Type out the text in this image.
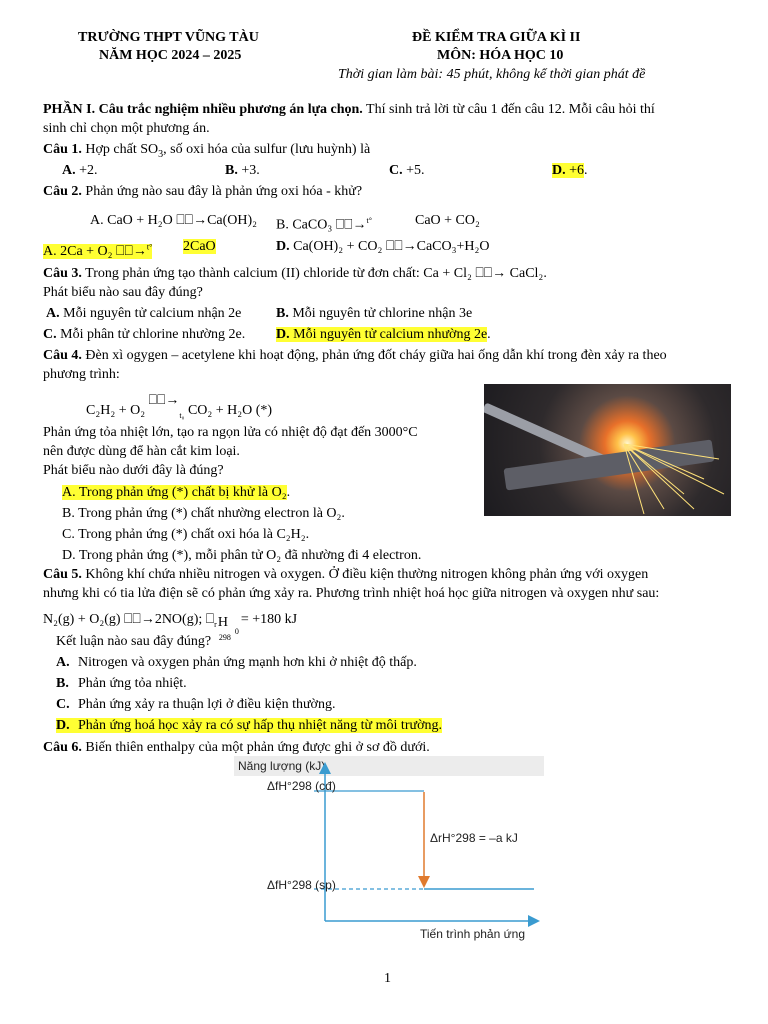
TRƯỜNG THPT VŨNG TÀU
NĂM HỌC 2024 – 2025
ĐỀ KIỂM TRA GIỮA KÌ II
MÔN: HÓA HỌC 10
Thời gian làm bài: 45 phút, không kể thời gian phát đề
PHẦN I. Câu trắc nghiệm nhiều phương án lựa chọn. Thí sinh trả lời từ câu 1 đến câu 12. Mỗi câu hỏi thí
sinh chỉ chọn một phương án.
Câu 1. Hợp chất $SO_3$, số oxi hóa của sulfur (lưu huỳnh) là
A. +2.	B. +3.	C. +5.	D. +6.
Câu 2. Phản ứng nào sau đây là phản ứng oxi hóa - khử?
A. CaO + H₂O ⎕⎕→Ca(OH)₂ B. CaCO₃ ⎕⎕→$^{t^\circ}$	CaO + CO₂
A. 2Ca + O₂ ⎕⎕→$^{t^\circ}$ 2CaO	D. Ca(OH)₂ + CO₂ ⎕⎕→CaCO₃+H₂O
Câu 3. Trong phản ứng tạo thành calcium (II) chloride từ đơn chất: Ca + Cl₂ ⎕⎕→ CaCl₂.
Phát biểu nào sau đây đúng?
A. Mỗi nguyên tử calcium nhận 2e B. Mỗi nguyên tử chlorine nhận 3e
C. Mỗi phân tử chlorine nhường 2e. D. Mỗi nguyên tử calcium nhường 2e.
Câu 4. Đèn xì ogygen – acetylene khi hoạt động, phản ứng đốt cháy giữa hai ống dẫn khí trong đèn xảy ra theo
phương trình:
C₂H₂ + O₂ $⎕⎕\to_{t_0}$ CO₂ + H₂O (*)
Phản ứng tỏa nhiệt lớn, tạo ra ngọn lửa có nhiệt độ đạt đến 3000°C
nên được dùng để hàn cắt kim loại.
Phát biểu nào dưới đây là đúng?
A. Trong phản ứng (*) chất bị khử là O₂.
B. Trong phản ứng (*) chất nhường electron là O₂.
C. Trong phản ứng (*) chất oxi hóa là C₂H₂.
D. Trong phản ứng (*), mỗi phân tử O₂ đã nhường đi 4 electron.
Câu 5. Không khí chứa nhiều nitrogen và oxygen. Ở điều kiện thường nitrogen không phản ứng với oxygen
nhưng khi có tia lửa điện sẽ có phản ứng xảy ra. Phương trình nhiệt hoá học giữa nitrogen và oxygen như sau:
N₂(g) + O₂(g) ⎕⎕→2NO(g); $⎕_r$ H
298
0
= +180 kJ
Kết luận nào sau đây đúng?
A. Nitrogen và oxygen phản ứng mạnh hơn khi ở nhiệt độ thấp.
B. Phản ứng tỏa nhiệt.
C. Phản ứng xảy ra thuận lợi ở điều kiện thường.
D. Phản ứng hoá học xảy ra có sự hấp thụ nhiệt năng từ môi trường.
Câu 6. Biến thiên enthalpy của một phản ứng được ghi ở sơ đồ dưới.
Năng lượng (kJ)
ΔfH°298 (cđ)
ΔfH°298 (sp)
ΔrH°298 = –a kJ
Tiến trình phản ứng
1
